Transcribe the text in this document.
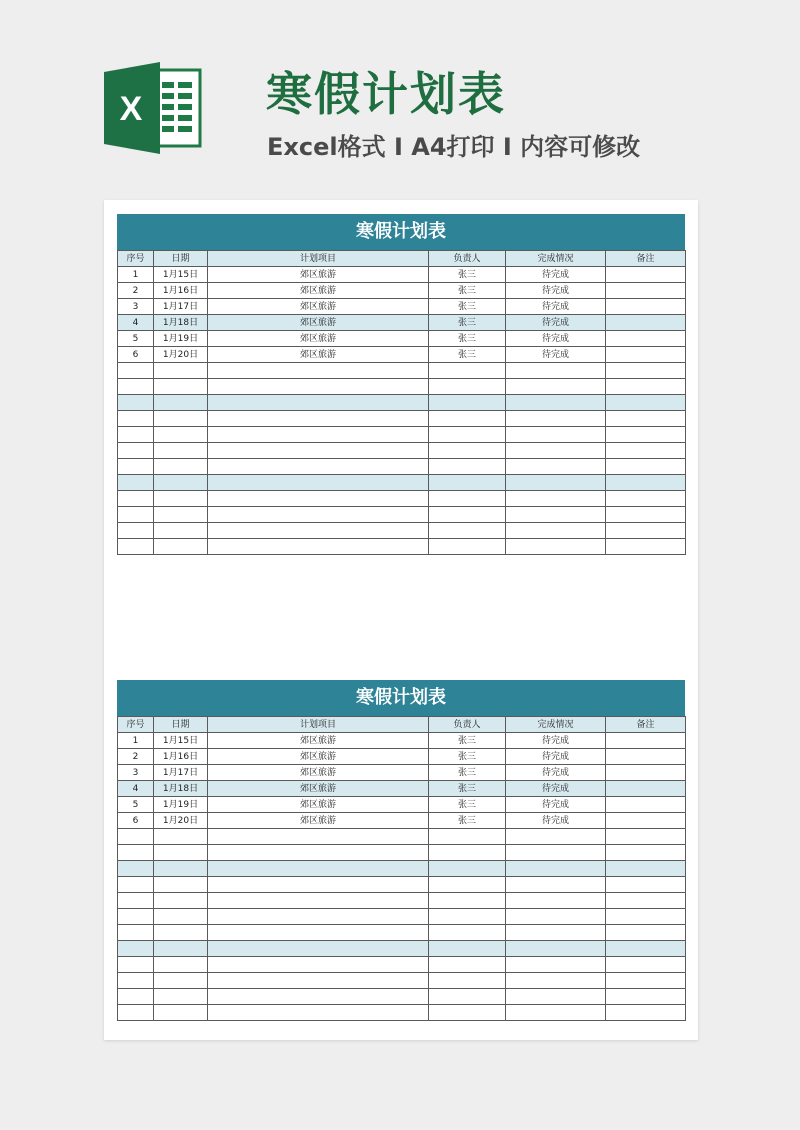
X	寒假计划表
Excel格式 I A4打印 I 内容可修改
寒假计划表
序号	日期	计划项目	负责人	完成情况	备注
1	1月15日	郊区旅游	张三	待完成	
2	1月16日	郊区旅游	张三	待完成	
3	1月17日	郊区旅游	张三	待完成	
4	1月18日	郊区旅游	张三	待完成	
5	1月19日	郊区旅游	张三	待完成	
6	1月20日	郊区旅游	张三	待完成	

寒假计划表
序号	日期	计划项目	负责人	完成情况	备注
1	1月15日	郊区旅游	张三	待完成	
2	1月16日	郊区旅游	张三	待完成	
3	1月17日	郊区旅游	张三	待完成	
4	1月18日	郊区旅游	张三	待完成	
5	1月19日	郊区旅游	张三	待完成	
6	1月20日	郊区旅游	张三	待完成	
